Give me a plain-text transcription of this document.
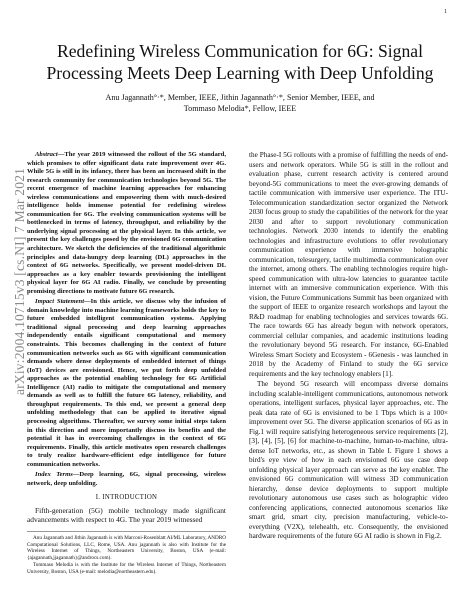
1
arXiv:2004.10715v3 [cs.NI] 7 Mar 2021
Redefining Wireless Communication for 6G: Signal Processing Meets Deep Learning with Deep Unfolding
Anu Jagannath°·*, Member, IEEE, Jithin Jagannath°·*, Senior Member, IEEE, and
Tommaso Melodia*, Fellow, IEEE

Abstract—The year 2019 witnessed the rollout of the 5G standard, which promises to offer significant data rate improvement over 4G. While 5G is still in its infancy, there has been an increased shift in the research community for communication technologies beyond 5G. The recent emergence of machine learning approaches for enhancing wireless communications and empowering them with much-desired intelligence holds immense potential for redefining wireless communication for 6G. The evolving communication systems will be bottlenecked in terms of latency, throughput, and reliability by the underlying signal processing at the physical layer. In this article, we present the key challenges posed by the envisioned 6G communication architecture. We sketch the deficiencies of the traditional algorithmic principles and data-hungry deep learning (DL) approaches in the context of 6G networks. Specifically, we present model-driven DL approaches as a key enabler towards provisioning the intelligent physical layer for 6G AI radio. Finally, we conclude by presenting promising directions to motivate future 6G research.

Impact Statement—In this article, we discuss why the infusion of domain knowledge into machine learning frameworks holds the key to future embedded intelligent communication systems. Applying traditional signal processing and deep learning approaches independently entails significant computational and memory constraints. This becomes challenging in the context of future communication networks such as 6G with significant communication demands where dense deployments of embedded internet of things (IoT) devices are envisioned. Hence, we put forth deep unfolded approaches as the potential enabling technology for 6G Artificial Intelligence (AI) radio to mitigate the computational and memory demands as well as to fulfill the future 6G latency, reliability, and throughput requirements. To this end, we present a general deep unfolding methodology that can be applied to iterative signal processing algorithms. Thereafter, we survey some initial steps taken in this direction and more importantly discuss its benefits and the potential it has in overcoming challenges in the context of 6G requirements. Finally, this article motivates open research challenges to truly realize hardware-efficient edge intelligence for future communication networks.

Index Terms—Deep learning, 6G, signal processing, wireless network, deep unfolding.

I. INTRODUCTION

Fifth-generation (5G) mobile technology made significant advancements with respect to 4G. The year 2019 witnessed

Anu Jagannath and Jithin Jagannath is with Marconi-Rosenblatt AI/ML Laboratory, ANDRO Computational Solutions, LLC, Rome, USA. Anu jagannath is also with Institute for the Wireless Internet of Things, Northeastern University, Boston, USA (e-mail: {ajagannath,jjagannath}@androcs.com).

Tommaso Melodia is with the Institute for the Wireless Internet of Things, Northeastern University, Boston, USA (e-mail: melodia@northeastern.edu).

the Phase-I 5G rollouts with a promise of fulfilling the needs of end-users and network operators. While 5G is still in the rollout and evaluation phase, current research activity is centered around beyond-5G communications to meet the ever-growing demands of tactile communication with immersive user experience. The ITU-Telecommunication standardization sector organized the Network 2030 focus group to study the capabilities of the network for the year 2030 and after to support revolutionary communication technologies. Network 2030 intends to identify the enabling technologies and infrastructure evolutions to offer revolutionary communication experience with immersive holographic communication, telesurgery, tactile multimedia communication over the internet, among others. The enabling technologies require high-speed communication with ultra-low latencies to guarantee tactile internet with an immersive communication experience. With this vision, the Future Communications Summit has been organized with the support of IEEE to organize research workshops and layout the R&D roadmap for enabling technologies and services towards 6G. The race towards 6G has already begun with network operators, commercial cellular companies, and academic institutions leading the revolutionary beyond 5G research. For instance, 6G-Enabled Wireless Smart Society and Ecosystem - 6Genesis - was launched in 2018 by the Academy of Finland to study the 6G service requirements and the key technology enablers [1].

The beyond 5G research will encompass diverse domains including scalable-intelligent communications, autonomous network operations, intelligent surfaces, physical layer approaches, etc. The peak data rate of 6G is envisioned to be 1 Tbps which is a 100× improvement over 5G. The diverse application scenarios of 6G as in Fig.1 will require satisfying heterogeneous service requirements [2], [3], [4], [5], [6] for machine-to-machine, human-to-machine, ultra-dense IoT networks, etc., as shown in Table I. Figure 1 shows a bird's eye view of how in each envisioned 6G use case deep unfolding physical layer approach can serve as the key enabler. The envisioned 6G communication will witness 3D communication hierarchy, dense device deployments to support multiple revolutionary autonomous use cases such as holographic video conferencing applications, connected autonomous scenarios like smart grid, smart city, precision manufacturing, vehicle-to-everything (V2X), telehealth, etc. Consequently, the envisioned hardware requirements of the future 6G AI radio is shown in Fig.2.
